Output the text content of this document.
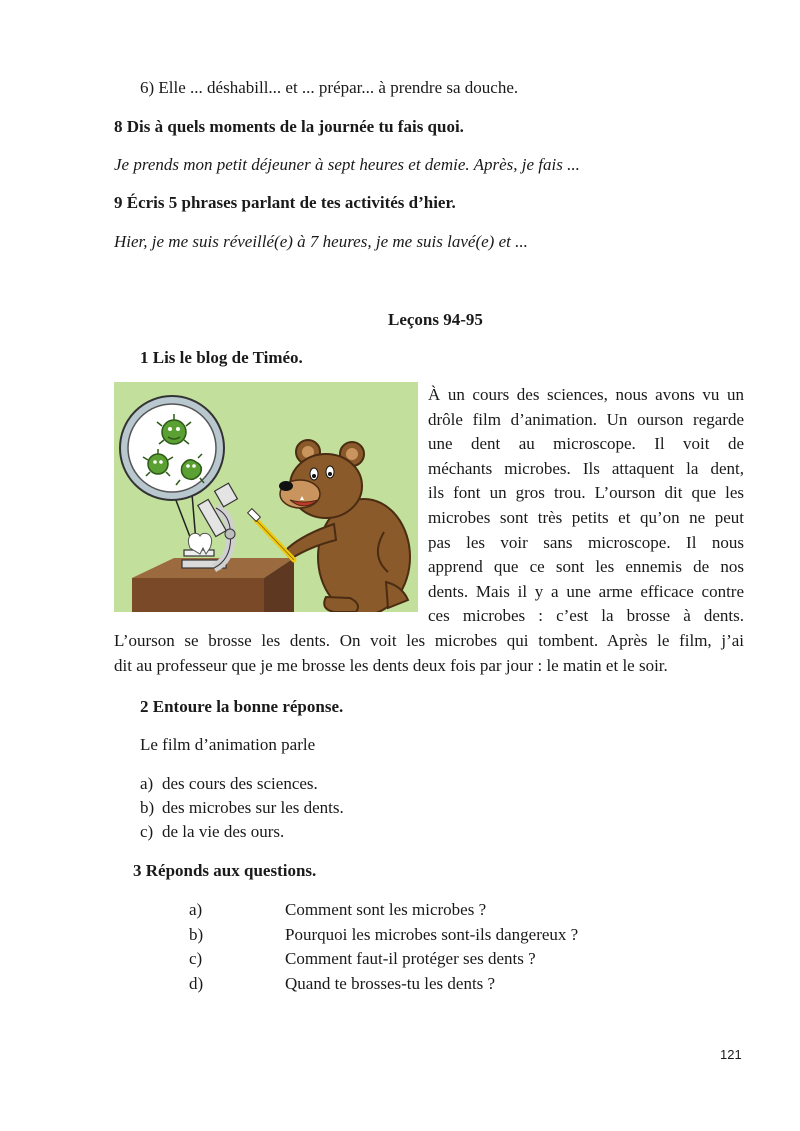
6) Elle ... déshabill... et ... prépar... à prendre sa douche.
8 Dis à quels moments de la journée tu fais quoi.
Je prends mon petit déjeuner à sept heures et demie. Après, je fais ...
9 Écris 5 phrases parlant de tes activités d’hier.
Hier, je me suis réveillé(e) à 7 heures, je me suis lavé(e) et ...
Leçons 94-95
1 Lis le blog de Timéo.
À un cours des sciences, nous avons vu un
drôle film d’animation. Un ourson regarde
une dent au microscope. Il voit de
méchants microbes. Ils attaquent la dent,
ils font un gros trou. L’ourson dit que les
microbes sont très petits et qu’on ne peut
pas les voir sans microscope. Il nous
apprend que ce sont les ennemis de nos
dents. Mais il y a une arme efficace contre
ces microbes : c’est la brosse à dents.
L’ourson se brosse les dents. On voit les microbes qui tombent. Après le film, j’ai
dit au professeur que je me brosse les dents deux fois par jour : le matin et le soir.
2 Entoure la bonne réponse.
Le film d’animation parle
a) des cours des sciences.
b) des microbes sur les dents.
c) de la vie des ours.
3 Réponds aux questions.
a)	Comment sont les microbes ?
b)	Pourquoi les microbes sont-ils dangereux ?
c)	Comment faut-il protéger ses dents ?
d)	Quand te brosses-tu les dents ?
121
